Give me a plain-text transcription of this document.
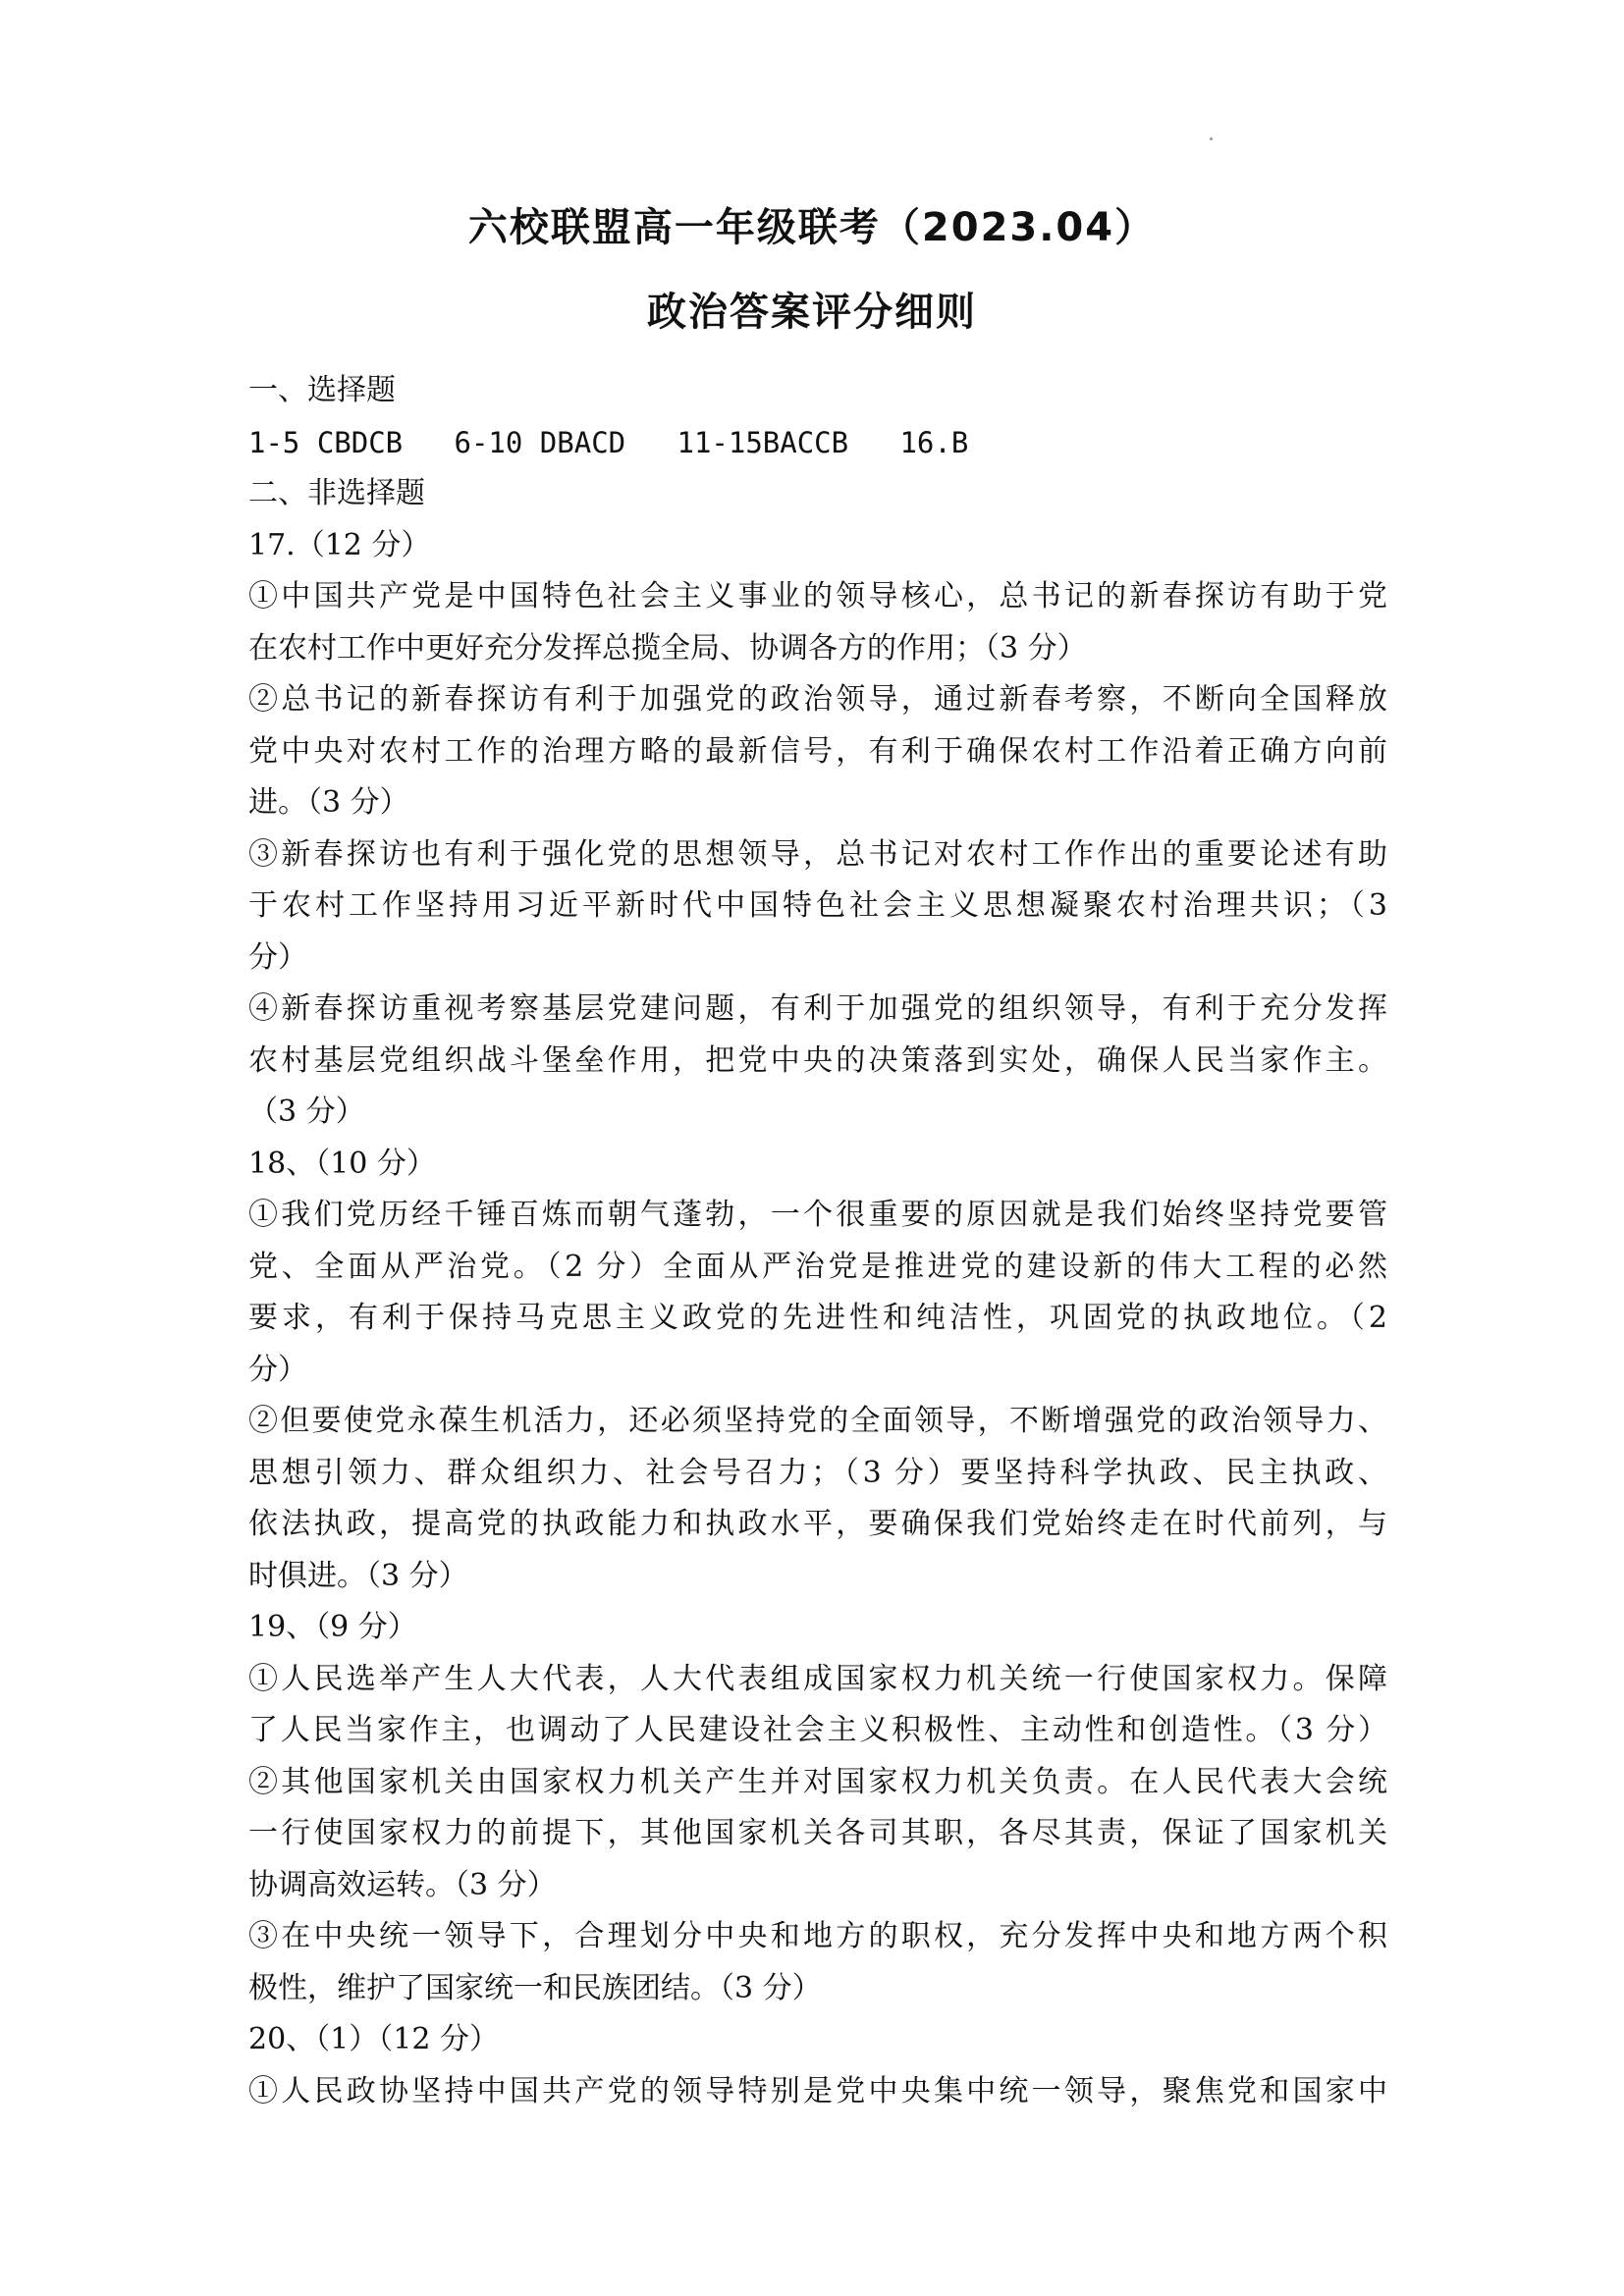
六校联盟高一年级联考（2023.04）
政治答案评分细则
一、选择题
1-5 CBDCB   6-10 DBACD   11-15BACCB   16.B
二、非选择题
17.（12 分）
①中国共产党是中国特色社会主义事业的领导核心，总书记的新春探访有助于党
在农村工作中更好充分发挥总揽全局、协调各方的作用；（3 分）
②总书记的新春探访有利于加强党的政治领导，通过新春考察，不断向全国释放
党中央对农村工作的治理方略的最新信号，有利于确保农村工作沿着正确方向前
进。（3 分）
③新春探访也有利于强化党的思想领导，总书记对农村工作作出的重要论述有助
于农村工作坚持用习近平新时代中国特色社会主义思想凝聚农村治理共识；（3
分）
④新春探访重视考察基层党建问题，有利于加强党的组织领导，有利于充分发挥
农村基层党组织战斗堡垒作用，把党中央的决策落到实处，确保人民当家作主。
（3 分）
18、（10 分）
①我们党历经千锤百炼而朝气蓬勃，一个很重要的原因就是我们始终坚持党要管
党、全面从严治党。（2 分）全面从严治党是推进党的建设新的伟大工程的必然
要求，有利于保持马克思主义政党的先进性和纯洁性，巩固党的执政地位。（2
分）
②但要使党永葆生机活力，还必须坚持党的全面领导，不断增强党的政治领导力、
思想引领力、群众组织力、社会号召力；（3 分）要坚持科学执政、民主执政、
依法执政，提高党的执政能力和执政水平，要确保我们党始终走在时代前列，与
时俱进。（3 分）
19、（9 分）
①人民选举产生人大代表，人大代表组成国家权力机关统一行使国家权力。保障
了人民当家作主，也调动了人民建设社会主义积极性、主动性和创造性。（3 分）
②其他国家机关由国家权力机关产生并对国家权力机关负责。在人民代表大会统
一行使国家权力的前提下，其他国家机关各司其职，各尽其责，保证了国家机关
协调高效运转。（3 分）
③在中央统一领导下，合理划分中央和地方的职权，充分发挥中央和地方两个积
极性，维护了国家统一和民族团结。（3 分）
20、（1）（12 分）
①人民政协坚持中国共产党的领导特别是党中央集中统一领导，聚焦党和国家中
